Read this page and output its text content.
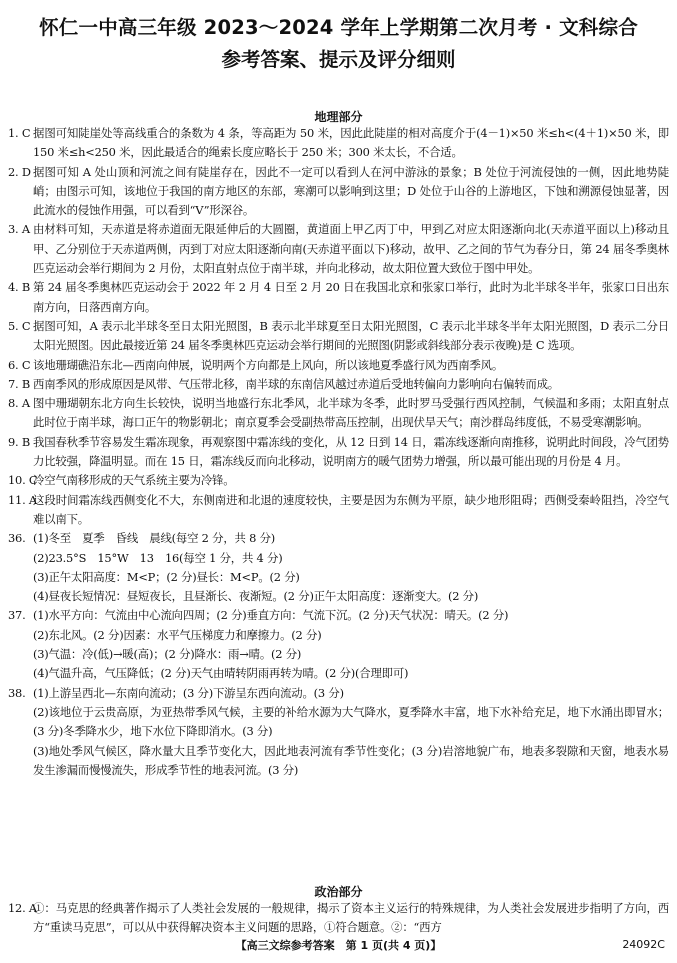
怀仁一中高三年级 2023～2024 学年上学期第二次月考 · 文科综合
参考答案、提示及评分细则
地理部分
1. C 据图可知陡崖处等高线重合的条数为 4 条，等高距为 50 米，因此此陡崖的相对高度介于(4－1)×50 米≤h<(4＋1)×50 米，即 150 米≤h<250 米，因此最适合的绳索长度应略长于 250 米；300 米太长，不合适。
2. D 据图可知 A 处山顶和河流之间有陡崖存在，因此不一定可以看到人在河中游泳的景象；B 处位于河流侵蚀的一侧，因此地势陡峭；由图示可知，该地位于我国的南方地区的东部，寒潮可以影响到这里；D 处位于山谷的上游地区，下蚀和溯源侵蚀显著，因此流水的侵蚀作用强，可以看到“V”形深谷。
3. A 由材料可知，天赤道是将赤道面无限延伸后的大圆圈，黄道面上甲乙丙丁中，甲到乙对应太阳逐渐向北(天赤道平面以上)移动且甲、乙分别位于天赤道两侧，丙到丁对应太阳逐渐向南(天赤道平面以下)移动，故甲、乙之间的节气为春分日，第 24 届冬季奥林匹克运动会举行期间为 2 月份，太阳直射点位于南半球，并向北移动，故太阳位置大致位于图中甲处。
4. B 第 24 届冬季奥林匹克运动会于 2022 年 2 月 4 日至 2 月 20 日在我国北京和张家口举行，此时为北半球冬半年，张家口日出东南方向，日落西南方向。
5. C 据图可知，A 表示北半球冬至日太阳光照图，B 表示北半球夏至日太阳光照图，C 表示北半球冬半年太阳光照图，D 表示二分日太阳光照图。因此最接近第 24 届冬季奥林匹克运动会举行期间的光照图(阴影或斜线部分表示夜晚)是 C 选项。
6. C 该地珊瑚礁沿东北—西南向伸展，说明两个方向都是上风向，所以该地夏季盛行风为西南季风。
7. B 西南季风的形成原因是风带、气压带北移，南半球的东南信风越过赤道后受地转偏向力影响向右偏转而成。
8. A 图中珊瑚朝东北方向生长较快，说明当地盛行东北季风，北半球为冬季，此时罗马受强行西风控制，气候温和多雨；太阳直射点此时位于南半球，海口正午的物影朝北；南京夏季会受副热带高压控制，出现伏旱天气；南沙群岛纬度低，不易受寒潮影响。
9. B 我国春秋季节容易发生霜冻现象，再观察图中霜冻线的变化，从 12 日到 14 日，霜冻线逐渐向南推移，说明此时间段，冷气团势力比较强，降温明显。而在 15 日，霜冻线反而向北移动，说明南方的暖气团势力增强，所以最可能出现的月份是 4 月。
10. C
冷空气南移形成的天气系统主要为冷锋。
11. A
这段时间霜冻线西侧变化不大，东侧南进和北退的速度较快，主要是因为东侧为平原，缺少地形阻碍；西侧受秦岭阻挡，冷空气难以南下。
36. (1)冬至　夏季　昏线　晨线(每空 2 分，共 8 分)
(2)23.5°S　15°W　13　16(每空 1 分，共 4 分)
(3)正午太阳高度：M<P；(2 分)昼长：M<P。(2 分)
(4)昼夜长短情况：昼短夜长，且昼渐长、夜渐短。(2 分)正午太阳高度：逐渐变大。(2 分)
37. (1)水平方向：气流由中心流向四周；(2 分)垂直方向：气流下沉。(2 分)天气状况：晴天。(2 分)
(2)东北风。(2 分)因素：水平气压梯度力和摩擦力。(2 分)
(3)气温：冷(低)→暖(高)；(2 分)降水：雨→晴。(2 分)
(4)气温升高，气压降低；(2 分)天气由晴转阴雨再转为晴。(2 分)(合理即可)
38. (1)上游呈西北—东南向流动；(3 分)下游呈东西向流动。(3 分)
(2)该地位于云贵高原，为亚热带季风气候，主要的补给水源为大气降水，夏季降水丰富，地下水补给充足，地下水涌出即冒水；(3 分)冬季降水少，地下水位下降即消水。(3 分)
(3)地处季风气候区，降水量大且季节变化大，因此地表河流有季节性变化；(3 分)岩溶地貌广布，地表多裂隙和天窗，地表水易发生渗漏而慢慢流失，形成季节性的地表河流。(3 分)
政治部分
12. A
①：马克思的经典著作揭示了人类社会发展的一般规律，揭示了资本主义运行的特殊规律，为人类社会发展进步指明了方向，西方“重读马克思”，可以从中获得解决资本主义问题的思路，①符合题意。②：“西方
【高三文综参考答案　第 1 页(共 4 页)】	24092C
